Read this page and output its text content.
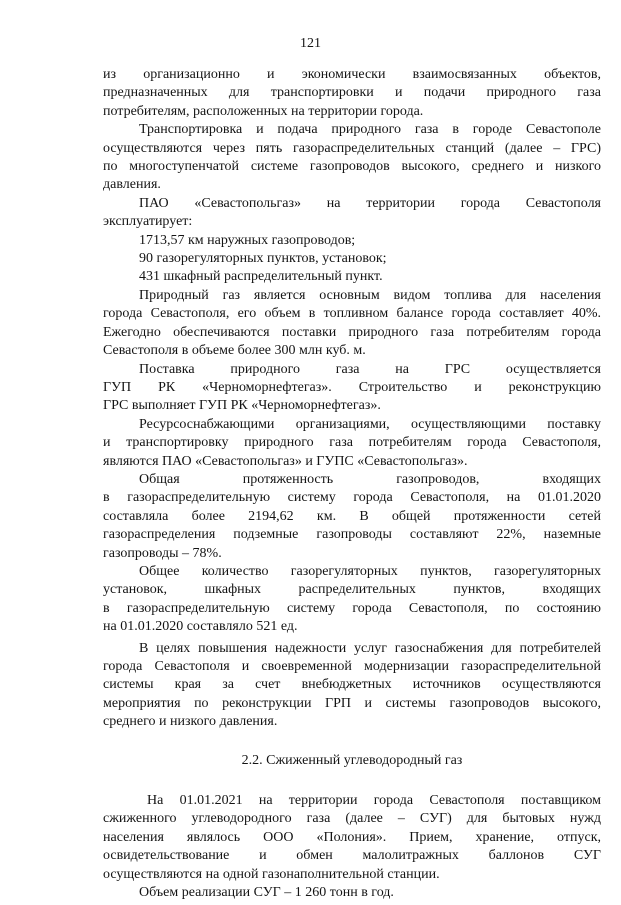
121

из организационно и экономически взаимосвязанных объектов,

предназначенных для транспортировки и подачи природного газа

потребителям, расположенных на территории города.

Транспортировка и подача природного газа в городе Севастополе

осуществляются через пять газораспределительных станций (далее – ГРС)

по многоступенчатой системе газопроводов высокого, среднего и низкого

давления.

ПАО «Севастопольгаз» на территории города Севастополя

эксплуатирует:

1713,57 км наружных газопроводов;

90 газорегуляторных пунктов, установок;

431 шкафный распределительный пункт.

Природный газ является основным видом топлива для населения

города Севастополя, его объем в топливном балансе города составляет 40%.

Ежегодно обеспечиваются поставки природного газа потребителям города

Севастополя в объеме более 300 млн куб. м.

Поставка природного газа на ГРС осуществляется

ГУП РК «Черноморнефтегаз». Строительство и реконструкцию

ГРС выполняет ГУП РК «Черноморнефтегаз».

Ресурсоснабжающими организациями, осуществляющими поставку

и транспортировку природного газа потребителям города Севастополя,

являются ПАО «Севастопольгаз» и ГУПС «Севастопольгаз».

Общая протяженность газопроводов, входящих

в газораспределительную систему города Севастополя, на 01.01.2020

составляла более 2194,62 км. В общей протяженности сетей

газораспределения подземные газопроводы составляют 22%, наземные

газопроводы – 78%.

Общее количество газорегуляторных пунктов, газорегуляторных

установок, шкафных распределительных пунктов, входящих

в газораспределительную систему города Севастополя, по состоянию

на 01.01.2020 составляло 521 ед.

В целях повышения надежности услуг газоснабжения для потребителей

города Севастополя и своевременной модернизации газораспределительной

системы края за счет внебюджетных источников осуществляются

мероприятия по реконструкции ГРП и системы газопроводов высокого,

среднего и низкого давления.

2.2. Сжиженный углеводородный газ

На 01.01.2021 на территории города Севастополя поставщиком

сжиженного углеводородного газа (далее – СУГ) для бытовых нужд

населения являлось ООО «Полония». Прием, хранение, отпуск,

освидетельствование и обмен малолитражных баллонов СУГ

осуществляются на одной газонаполнительной станции.

Объем реализации СУГ – 1 260 тонн в год.
